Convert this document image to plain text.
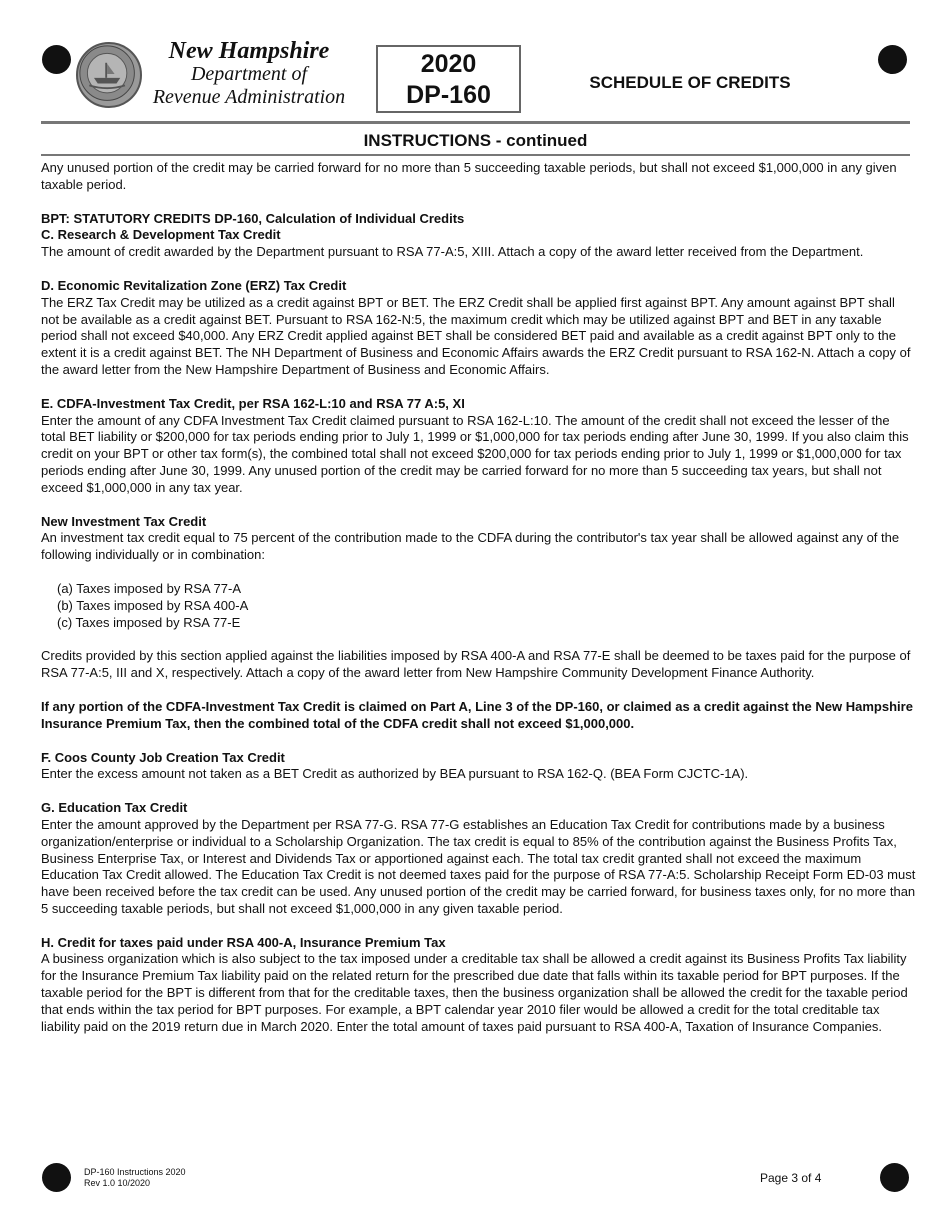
New Hampshire
Department of
Revenue Administration
2020
DP-160	SCHEDULE OF CREDITS
INSTRUCTIONS - continued

Any unused portion of the credit may be carried forward for no more than 5 succeeding taxable periods, but shall not exceed $1,000,000 in any given taxable period.

BPT: STATUTORY CREDITS DP-160, Calculation of Individual Credits

C. Research & Development Tax Credit

The amount of credit awarded by the Department pursuant to RSA 77-A:5, XIII. Attach a copy of the award letter received from the Department.

D. Economic Revitalization Zone (ERZ) Tax Credit

The ERZ Tax Credit may be utilized as a credit against BPT or BET. The ERZ Credit shall be applied first against BPT. Any amount against BPT shall not be available as a credit against BET. Pursuant to RSA 162-N:5, the maximum credit which may be utilized against BPT and BET in any taxable period shall not exceed $40,000. Any ERZ Credit applied against BET shall be considered BET paid and available as a credit against BPT only to the extent it is a credit against BET. The NH Department of Business and Economic Affairs awards the ERZ Credit pursuant to RSA 162-N. Attach a copy of the award letter from the New Hampshire Department of Business and Economic Affairs.

E. CDFA-Investment Tax Credit, per RSA 162-L:10 and RSA 77 A:5, XI

Enter the amount of any CDFA Investment Tax Credit claimed pursuant to RSA 162-L:10. The amount of the credit shall not exceed the lesser of the total BET liability or $200,000 for tax periods ending prior to July 1, 1999 or $1,000,000 for tax periods ending after June 30, 1999. If you also claim this credit on your BPT or other tax form(s), the combined total shall not exceed $200,000 for tax periods ending prior to July 1, 1999 or $1,000,000 for tax periods ending after June 30, 1999. Any unused portion of the credit may be carried forward for no more than 5 succeeding tax years, but shall not exceed $1,000,000 in any tax year.

New Investment Tax Credit

An investment tax credit equal to 75 percent of the contribution made to the CDFA during the contributor's tax year shall be allowed against any of the following individually or in combination:

(a) Taxes imposed by RSA 77-A

(b) Taxes imposed by RSA 400-A

(c) Taxes imposed by RSA 77-E

Credits provided by this section applied against the liabilities imposed by RSA 400-A and RSA 77-E shall be deemed to be taxes paid for the purpose of RSA 77-A:5, III and X, respectively. Attach a copy of the award letter from New Hampshire Community Development Finance Authority.

If any portion of the CDFA-Investment Tax Credit is claimed on Part A, Line 3 of the DP-160, or claimed as a credit against the New Hampshire Insurance Premium Tax, then the combined total of the CDFA credit shall not exceed $1,000,000.

F. Coos County Job Creation Tax Credit

Enter the excess amount not taken as a BET Credit as authorized by BEA pursuant to RSA 162-Q. (BEA Form CJCTC-1A).

G. Education Tax Credit

Enter the amount approved by the Department per RSA 77-G. RSA 77-G establishes an Education Tax Credit for contributions made by a business organization/enterprise or individual to a Scholarship Organization. The tax credit is equal to 85% of the contribution against the Business Profits Tax, Business Enterprise Tax, or Interest and Dividends Tax or apportioned against each. The total tax credit granted shall not exceed the maximum Education Tax Credit allowed. The Education Tax Credit is not deemed taxes paid for the purpose of RSA 77-A:5. Scholarship Receipt Form ED-03 must have been received before the tax credit can be used. Any unused portion of the credit may be carried forward, for business taxes only, for no more than 5 succeeding taxable periods, but shall not exceed $1,000,000 in any given taxable period.

H. Credit for taxes paid under RSA 400-A, Insurance Premium Tax

A business organization which is also subject to the tax imposed under a creditable tax shall be allowed a credit against its Business Profits Tax liability for the Insurance Premium Tax liability paid on the related return for the prescribed due date that falls within its taxable period for BPT purposes. If the taxable period for the BPT is different from that for the creditable taxes, then the business organization shall be allowed the credit for the taxable period that ends within the tax period for BPT purposes. For example, a BPT calendar year 2010 filer would be allowed a credit for the total creditable tax liability paid on the 2019 return due in March 2020. Enter the total amount of taxes paid pursuant to RSA 400-A, Taxation of Insurance Companies.

DP-160 Instructions 2020
Rev 1.0 10/2020	Page 3 of 4
